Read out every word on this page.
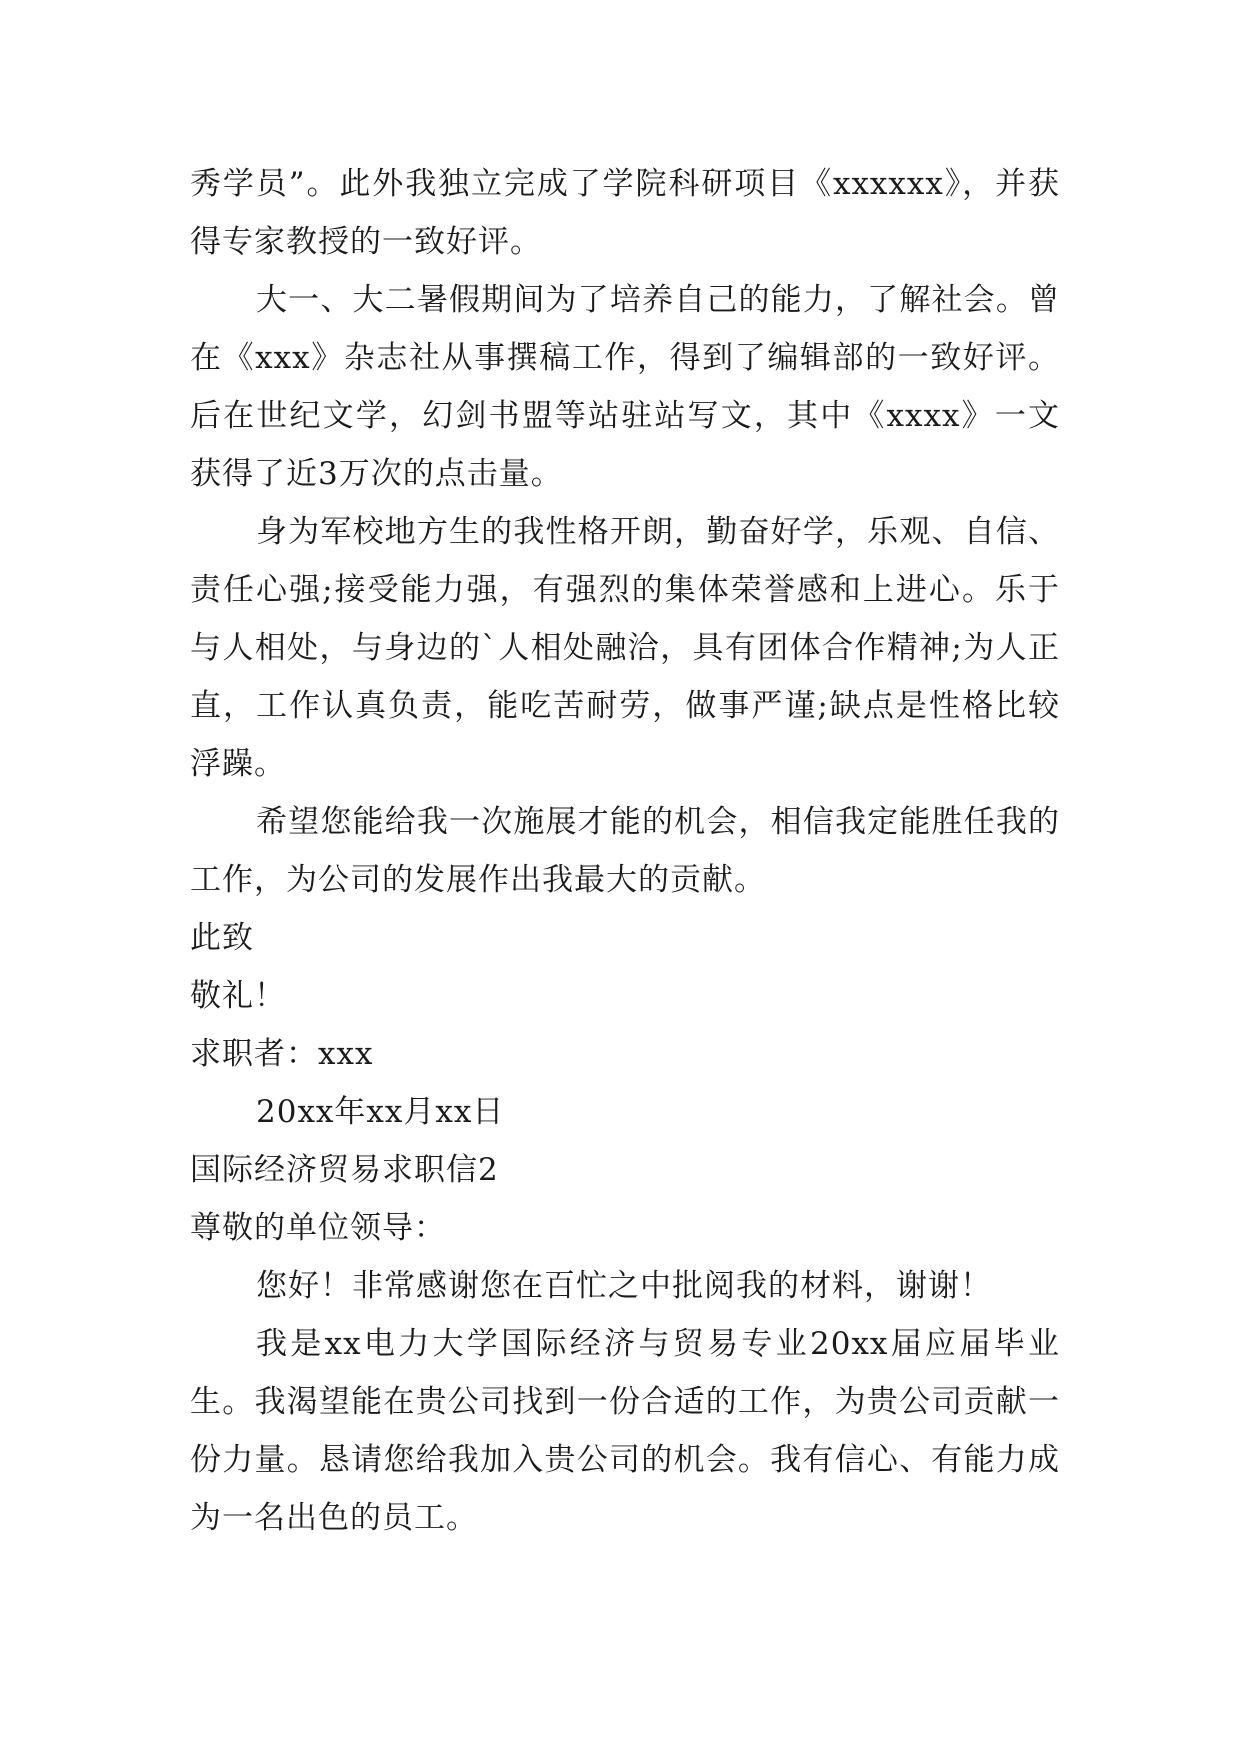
秀学员”。此外我独立完成了学院科研项目《xxxxxx》，并获得专家教授的一致好评。

大一、大二暑假期间为了培养自己的能力，了解社会。曾在《xxx》杂志社从事撰稿工作，得到了编辑部的一致好评。后在世纪文学，幻剑书盟等站驻站写文，其中《xxxx》一文获得了近3万次的点击量。

身为军校地方生的我性格开朗，勤奋好学，乐观、自信、责任心强;接受能力强，有强烈的集体荣誉感和上进心。乐于与人相处，与身边的`人相处融洽，具有团体合作精神;为人正直，工作认真负责，能吃苦耐劳，做事严谨;缺点是性格比较浮躁。

希望您能给我一次施展才能的机会，相信我定能胜任我的工作，为公司的发展作出我最大的贡献。

此致

敬礼！

求职者：xxx

20xx年xx月xx日

国际经济贸易求职信2

尊敬的单位领导：

您好！非常感谢您在百忙之中批阅我的材料，谢谢！

我是xx电力大学国际经济与贸易专业20xx届应届毕业生。我渴望能在贵公司找到一份合适的工作，为贵公司贡献一份力量。恳请您给我加入贵公司的机会。我有信心、有能力成为一名出色的员工。
